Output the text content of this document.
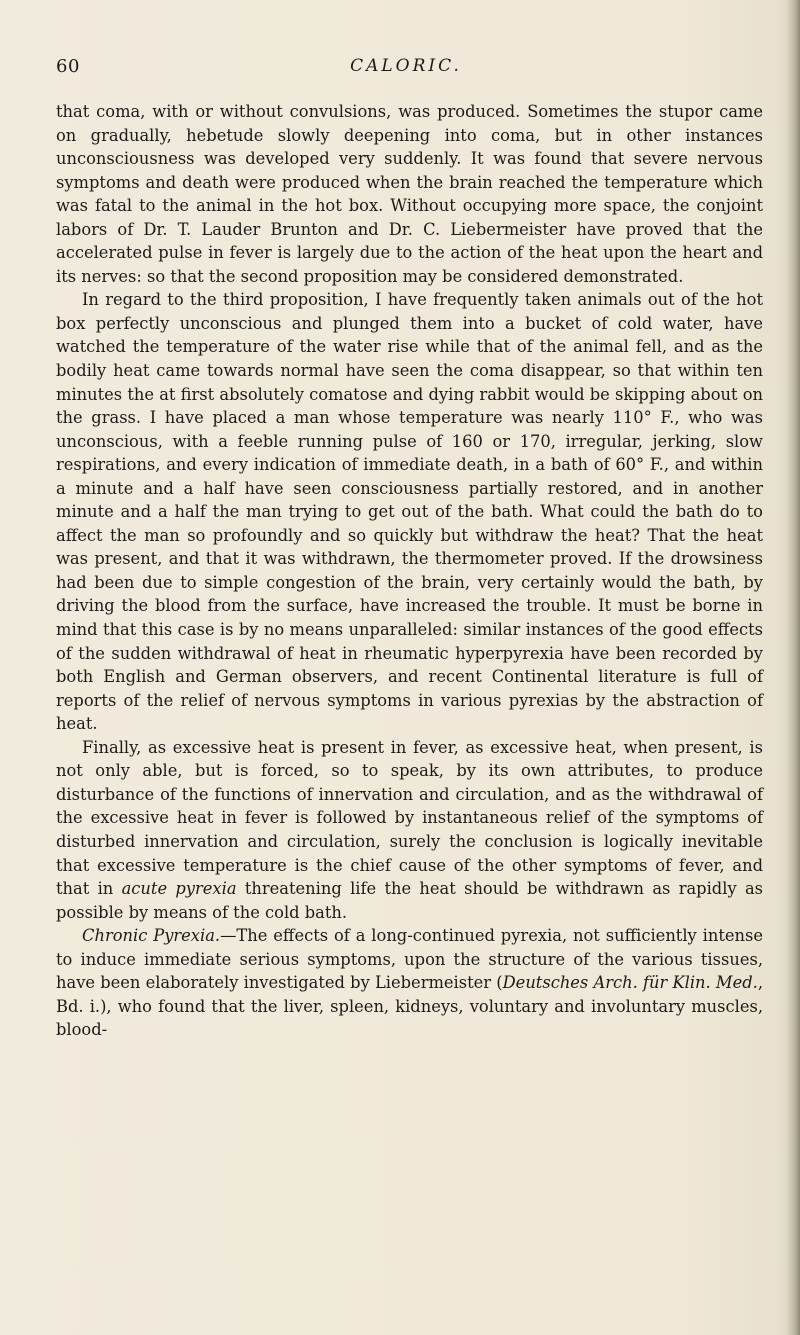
60	CALORIC.

that coma, with or without convulsions, was produced. Sometimes the stupor came on gradually, hebetude slowly deepening into coma, but in other instances unconsciousness was developed very suddenly. It was found that severe nervous symptoms and death were produced when the brain reached the temperature which was fatal to the animal in the hot box. Without occupying more space, the conjoint labors of Dr. T. Lauder Brunton and Dr. C. Liebermeister have proved that the accelerated pulse in fever is largely due to the action of the heat upon the heart and its nerves: so that the second proposition may be considered demonstrated.

In regard to the third proposition, I have frequently taken animals out of the hot box perfectly unconscious and plunged them into a bucket of cold water, have watched the temperature of the water rise while that of the animal fell, and as the bodily heat came towards normal have seen the coma disappear, so that within ten minutes the at first absolutely comatose and dying rabbit would be skipping about on the grass. I have placed a man whose temperature was nearly 110° F., who was unconscious, with a feeble running pulse of 160 or 170, irregular, jerking, slow respirations, and every indication of immediate death, in a bath of 60° F., and within a minute and a half have seen consciousness partially restored, and in another minute and a half the man trying to get out of the bath. What could the bath do to affect the man so profoundly and so quickly but withdraw the heat? That the heat was present, and that it was withdrawn, the thermometer proved. If the drowsiness had been due to simple congestion of the brain, very certainly would the bath, by driving the blood from the surface, have increased the trouble. It must be borne in mind that this case is by no means unparalleled: similar instances of the good effects of the sudden withdrawal of heat in rheumatic hyperpyrexia have been recorded by both English and German observers, and recent Continental literature is full of reports of the relief of nervous symptoms in various pyrexias by the abstraction of heat.

Finally, as excessive heat is present in fever, as excessive heat, when present, is not only able, but is forced, so to speak, by its own attributes, to produce disturbance of the functions of innervation and circulation, and as the withdrawal of the excessive heat in fever is followed by instantaneous relief of the symptoms of disturbed innervation and circulation, surely the conclusion is logically inevitable that excessive temperature is the chief cause of the other symptoms of fever, and that in acute pyrexia threatening life the heat should be withdrawn as rapidly as possible by means of the cold bath.

Chronic Pyrexia.—The effects of a long-continued pyrexia, not sufficiently intense to induce immediate serious symptoms, upon the structure of the various tissues, have been elaborately investigated by Liebermeister (Deutsches Arch. für Klin. Med., Bd. i.), who found that the liver, spleen, kidneys, voluntary and involuntary muscles, blood-
